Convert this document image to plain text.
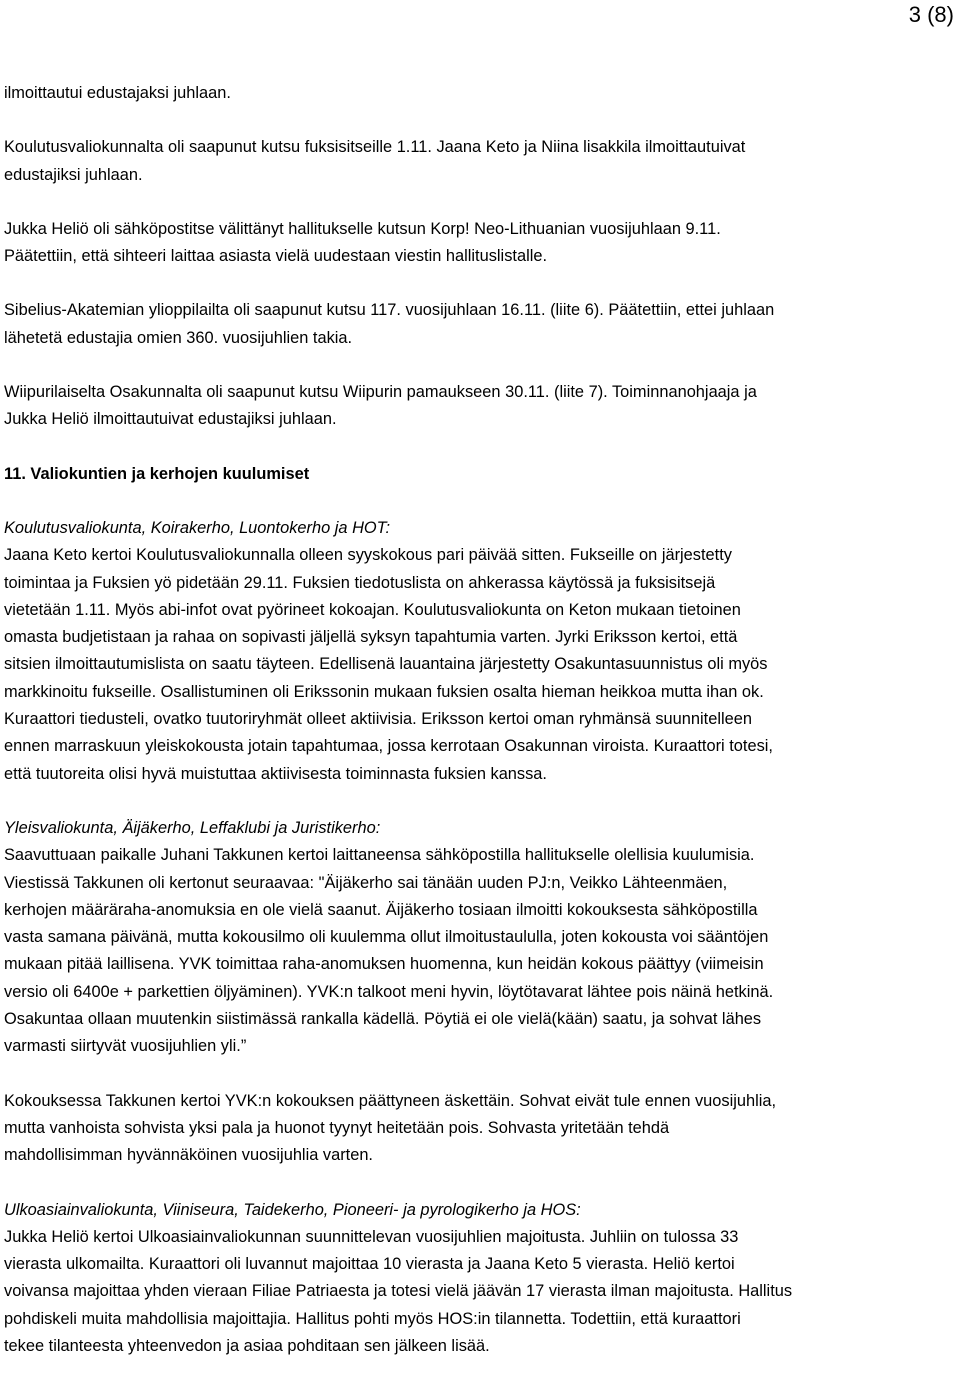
3 (8)

ilmoittautui edustajaksi juhlaan.

Koulutusvaliokunnalta oli saapunut kutsu fuksisitseille 1.11. Jaana Keto ja Niina lisakkila ilmoittautuivat
edustajiksi juhlaan.

Jukka Heliö oli sähköpostitse välittänyt hallitukselle kutsun Korp! Neo-Lithuanian vuosijuhlaan 9.11.
Päätettiin, että sihteeri laittaa asiasta vielä uudestaan viestin hallituslistalle.

Sibelius-Akatemian ylioppilailta oli saapunut kutsu 117. vuosijuhlaan 16.11. (liite 6). Päätettiin, ettei juhlaan
lähetetä edustajia omien 360. vuosijuhlien takia.

Wiipurilaiselta Osakunnalta oli saapunut kutsu Wiipurin pamaukseen 30.11. (liite 7). Toiminnanohjaaja ja
Jukka Heliö ilmoittautuivat edustajiksi juhlaan.

11. Valiokuntien ja kerhojen kuulumiset

Koulutusvaliokunta, Koirakerho, Luontokerho ja HOT:

Jaana Keto kertoi Koulutusvaliokunnalla olleen syyskokous pari päivää sitten. Fukseille on järjestetty
toimintaa ja Fuksien yö pidetään 29.11. Fuksien tiedotuslista on ahkerassa käytössä ja fuksisitsejä
vietetään 1.11. Myös abi-infot ovat pyörineet kokoajan. Koulutusvaliokunta on Keton mukaan tietoinen
omasta budjetistaan ja rahaa on sopivasti jäljellä syksyn tapahtumia varten. Jyrki Eriksson kertoi, että
sitsien ilmoittautumislista on saatu täyteen. Edellisenä lauantaina järjestetty Osakuntasuunnistus oli myös
markkinoitu fukseille. Osallistuminen oli Erikssonin mukaan fuksien osalta hieman heikkoa mutta ihan ok.
Kuraattori tiedusteli, ovatko tuutoriryhmät olleet aktiivisia. Eriksson kertoi oman ryhmänsä suunnitelleen
ennen marraskuun yleiskokousta jotain tapahtumaa, jossa kerrotaan Osakunnan viroista. Kuraattori totesi,
että tuutoreita olisi hyvä muistuttaa aktiivisesta toiminnasta fuksien kanssa.

Yleisvaliokunta, Äijäkerho, Leffaklubi ja Juristikerho:

Saavuttuaan paikalle Juhani Takkunen kertoi laittaneensa sähköpostilla hallitukselle olellisia kuulumisia.
Viestissä Takkunen oli kertonut seuraavaa: "Äijäkerho sai tänään uuden PJ:n, Veikko Lähteenmäen,
kerhojen määräraha-anomuksia en ole vielä saanut. Äijäkerho tosiaan ilmoitti kokouksesta sähköpostilla
vasta samana päivänä, mutta kokousilmo oli kuulemma ollut ilmoitustaululla, joten kokousta voi sääntöjen
mukaan pitää laillisena. YVK toimittaa raha-anomuksen huomenna, kun heidän kokous päättyy (viimeisin
versio oli 6400e + parkettien öljyäminen). YVK:n talkoot meni hyvin, löytötavarat lähtee pois näinä hetkinä.
Osakuntaa ollaan muutenkin siistimässä rankalla kädellä. Pöytiä ei ole vielä(kään) saatu, ja sohvat lähes
varmasti siirtyvät vuosijuhlien yli.”

Kokouksessa Takkunen kertoi YVK:n kokouksen päättyneen äskettäin. Sohvat eivät tule ennen vuosijuhlia,
mutta vanhoista sohvista yksi pala ja huonot tyynyt heitetään pois. Sohvasta yritetään tehdä
mahdollisimman hyvännäköinen vuosijuhlia varten.

Ulkoasiainvaliokunta, Viiniseura, Taidekerho, Pioneeri- ja pyrologikerho ja HOS:

Jukka Heliö kertoi Ulkoasiainvaliokunnan suunnittelevan vuosijuhlien majoitusta. Juhliin on tulossa 33
vierasta ulkomailta. Kuraattori oli luvannut majoittaa 10 vierasta ja Jaana Keto 5 vierasta. Heliö kertoi
voivansa majoittaa yhden vieraan Filiae Patriaesta ja totesi vielä jäävän 17 vierasta ilman majoitusta. Hallitus
pohdiskeli muita mahdollisia majoittajia. Hallitus pohti myös HOS:in tilannetta. Todettiin, että kuraattori
tekee tilanteesta yhteenvedon ja asiaa pohditaan sen jälkeen lisää.
